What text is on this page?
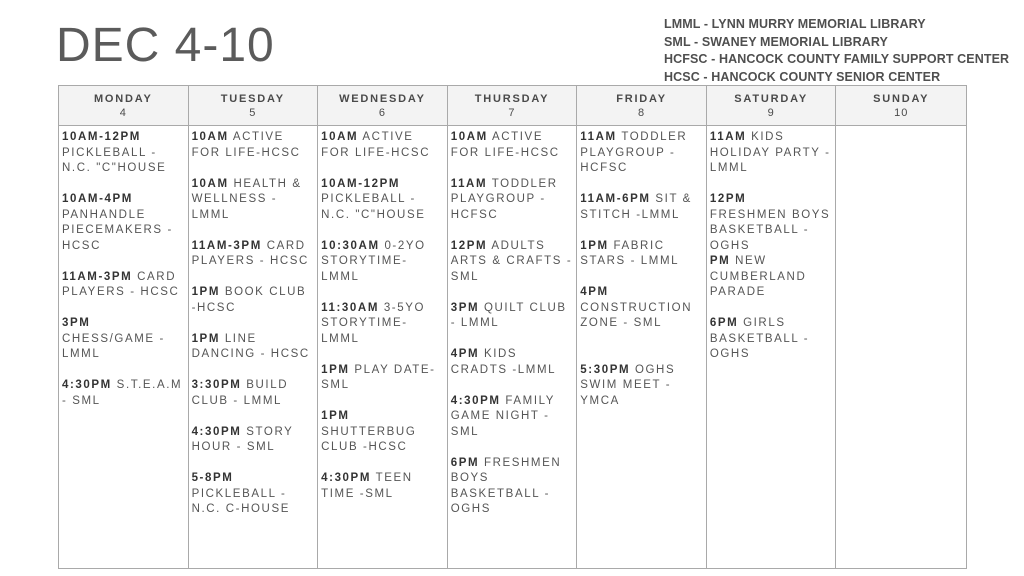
DEC 4-10	LMML - LYNN MURRY MEMORIAL LIBRARY
SML - SWANEY MEMORIAL LIBRARY
HCFSC - HANCOCK COUNTY FAMILY SUPPORT CENTER
HCSC - HANCOCK COUNTY SENIOR CENTER
MONDAY
4
TUESDAY
5
WEDNESDAY
6
THURSDAY
7
FRIDAY
8
SATURDAY
9
SUNDAY
10
10AM-12PM PICKLEBALL - N.C. "C"HOUSE
10AM-4PM PANHANDLE PIECEMAKERS - HCSC
11AM-3PM CARD PLAYERS - HCSC
3PM CHESS/GAME - LMML
4:30PM S.T.E.A.M - SML
10AM ACTIVE FOR LIFE-HCSC
10AM HEALTH & WELLNESS - LMML
11AM-3PM CARD PLAYERS - HCSC
1PM BOOK CLUB -HCSC
1PM LINE DANCING - HCSC
3:30PM BUILD CLUB - LMML
4:30PM STORY HOUR - SML
5-8PM PICKLEBALL - N.C. C-HOUSE
10AM ACTIVE FOR LIFE-HCSC
10AM-12PM PICKLEBALL - N.C. "C"HOUSE
10:30AM 0-2YO STORYTIME- LMML
11:30AM 3-5YO STORYTIME- LMML
1PM PLAY DATE- SML
1PM SHUTTERBUG CLUB -HCSC
4:30PM TEEN TIME -SML
10AM ACTIVE FOR LIFE-HCSC
11AM TODDLER PLAYGROUP - HCFSC
12PM ADULTS ARTS & CRAFTS -SML
3PM QUILT CLUB - LMML
4PM KIDS CRADTS -LMML
4:30PM FAMILY GAME NIGHT - SML
6PM FRESHMEN BOYS BASKETBALL - OGHS
11AM TODDLER PLAYGROUP - HCFSC
11AM-6PM SIT & STITCH -LMML
1PM FABRIC STARS - LMML
4PM
CONSTRUCTION ZONE - SML
5:30PM OGHS SWIM MEET - YMCA
11AM KIDS HOLIDAY PARTY - LMML
12PM
FRESHMEN BOYS BASKETBALL - OGHS
PM NEW CUMBERLAND PARADE
6PM GIRLS BASKETBALL - OGHS
